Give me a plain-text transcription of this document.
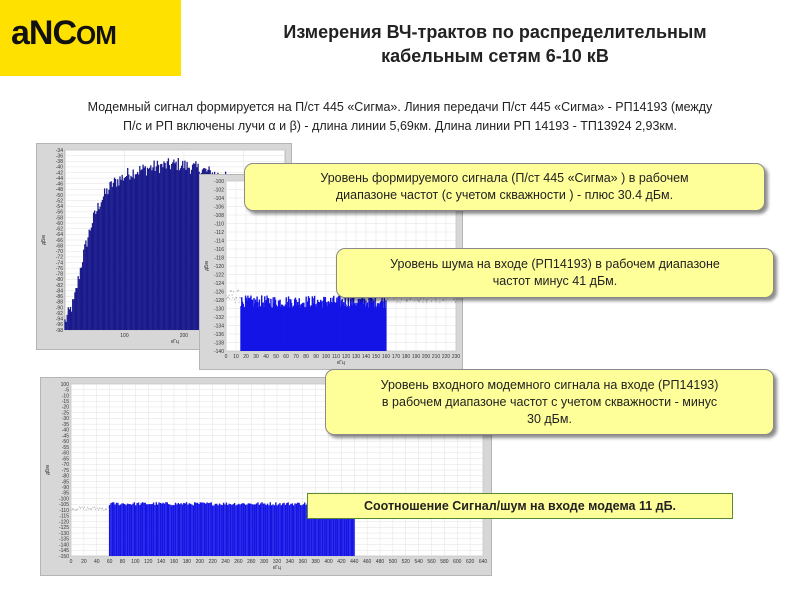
aNCOM	Измерения ВЧ-трактов по распределительным
кабельным сетям 6-10 кВ
Модемный сигнал формируется на П/ст 445 «Сигма». Линия передачи П/ст 445 «Сигма» - РП14193 (между
П/с и РП включены лучи α и β) - длина линии 5,69км. Длина линии РП 14193 - ТП13924 2,93км.
-34
-36
-38
-40
-42
-44
-46
-48
-50
-52
-54
-56
-58
-60
-62
-64
-66
-68
-70
-72
-74
-76
-78
-80
-82
-84
-86
-88
-90
-92
-94
-96
-98
100	200
дБм
кГц
-100
-102
-104
-106
-108
-110
-112
-114
-116
-118
-120
-122
-124
-126
-128
-130
-132
-134
-136
-138
-140
0 10 20 30 40 50 60 70 80 90 100 110 120 130 140 150 160 170 180 190 200 210 220 230
дБм
кГц
100
-5
-10
-15
-20
-25
-30
-35
-40
-45
-50
-55
-60
-65
-70
-75
-80
-85
-90
-95
-100
-105
-110
-115
-120
-125
-130
-135
-140
-145
-150
0 20 40 60 80 100 120 140 160 180 200 220 240 260 280 300 320 340 360 380 400 420 440 460 480 500 520 540 560 580 600 620 640
дБм
кГц
Уровень формируемого сигнала (П/ст 445 «Сигма» ) в рабочем
диапазоне частот (с учетом скважности ) - плюс 30.4 дБм.
Уровень шума на входе (РП14193) в рабочем диапазоне
частот минус 41 дБм.
Уровень входного модемного сигнала на входе (РП14193)
в рабочем диапазоне частот с учетом скважности - минус
30 дБм.
Соотношение Сигнал/шум на входе модема 11 дБ.
